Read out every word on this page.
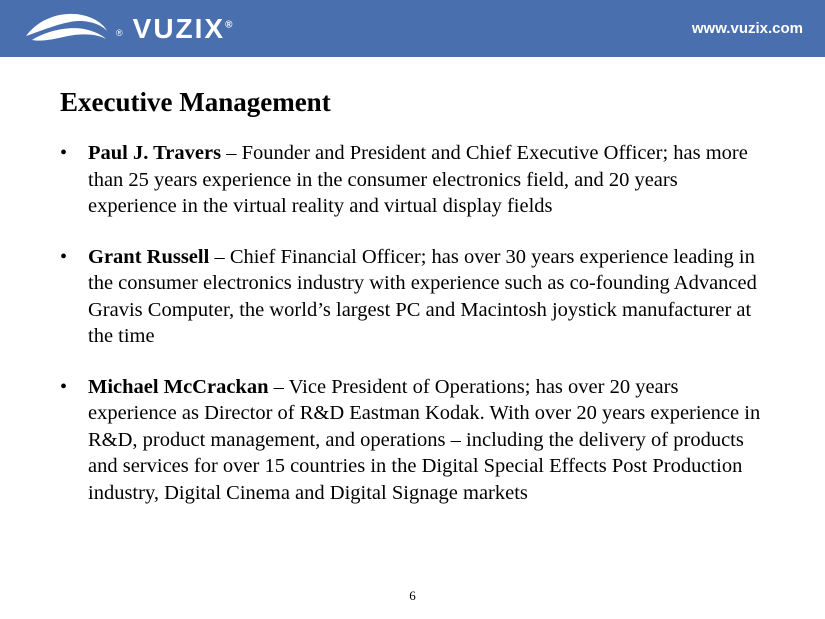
® VUZIX®	www.vuzix.com
Executive Management
•	Paul J. Travers – Founder and President and Chief Executive Officer; has more than 25 years experience in the consumer electronics field, and 20 years experience in the virtual reality and virtual display fields
•	Grant Russell – Chief Financial Officer; has over 30 years experience leading in the consumer electronics industry with experience such as co-founding Advanced Gravis Computer, the world’s largest PC and Macintosh joystick manufacturer at the time
•	Michael McCrackan – Vice President of Operations; has over 20 years experience as Director of R&D Eastman Kodak. With over 20 years experience in R&D, product management, and operations – including the delivery of products and services for over 15 countries in the Digital Special Effects Post Production industry, Digital Cinema and Digital Signage markets
6
